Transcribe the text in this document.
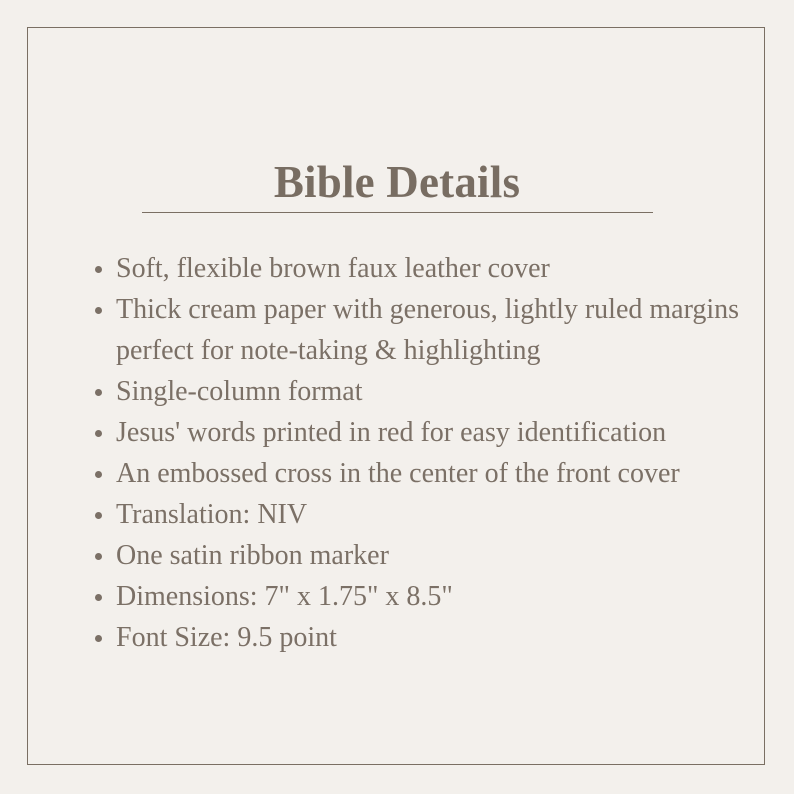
Bible Details
Soft, flexible brown faux leather cover
Thick cream paper with generous, lightly ruled margins perfect for note-taking & highlighting
Single-column format
Jesus' words printed in red for easy identification
An embossed cross in the center of the front cover
Translation: NIV
One satin ribbon marker
Dimensions: 7" x 1.75" x 8.5"
Font Size: 9.5 point
